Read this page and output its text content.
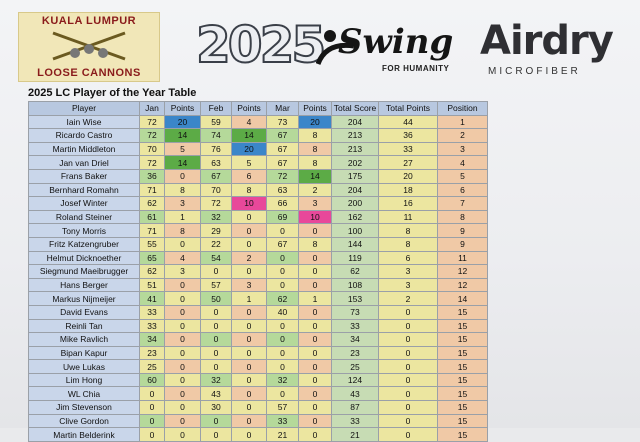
KUALA LUMPUR
LOOSE CANNONS	2025 Swing
FOR HUMANITY
Airdry
MICROFIBER
2025 LC Player of the Year Table
Player	Jan	Points	Feb	Points	Mar	Points	Total Score	Total Points	Position
Iain Wise	72	20	59	4	73	20	204	44	1
Ricardo Castro	72	14	74	14	67	8	213	36	2
Martin Middleton	70	5	76	20	67	8	213	33	3
Jan van Driel	72	14	63	5	67	8	202	27	4
Frans Baker	36	0	67	6	72	14	175	20	5
Bernhard Romahn	71	8	70	8	63	2	204	18	6
Josef Winter	62	3	72	10	66	3	200	16	7
Roland Steiner	61	1	32	0	69	10	162	11	8
Tony Morris	71	8	29	0	0	0	100	8	9
Fritz Katzengruber	55	0	22	0	67	8	144	8	9
Helmut Dicknoether	65	4	54	2	0	0	119	6	11
Siegmund Maeibrugger	62	3	0	0	0	0	62	3	12
Hans Berger	51	0	57	3	0	0	108	3	12
Markus Nijmeijer	41	0	50	1	62	1	153	2	14
David Evans	33	0	0	0	40	0	73	0	15
Reinli Tan	33	0	0	0	0	0	33	0	15
Mike Ravlich	34	0	0	0	0	0	34	0	15
Bipan Kapur	23	0	0	0	0	0	23	0	15
Uwe Lukas	25	0	0	0	0	0	25	0	15
Lim Hong	60	0	32	0	32	0	124	0	15
WL Chia	0	0	43	0	0	0	43	0	15
Jim Stevenson	0	0	30	0	57	0	87	0	15
Clive Gordon	0	0	0	0	33	0	33	0	15
Martin Belderink	0	0	0	0	21	0	21	0	15
